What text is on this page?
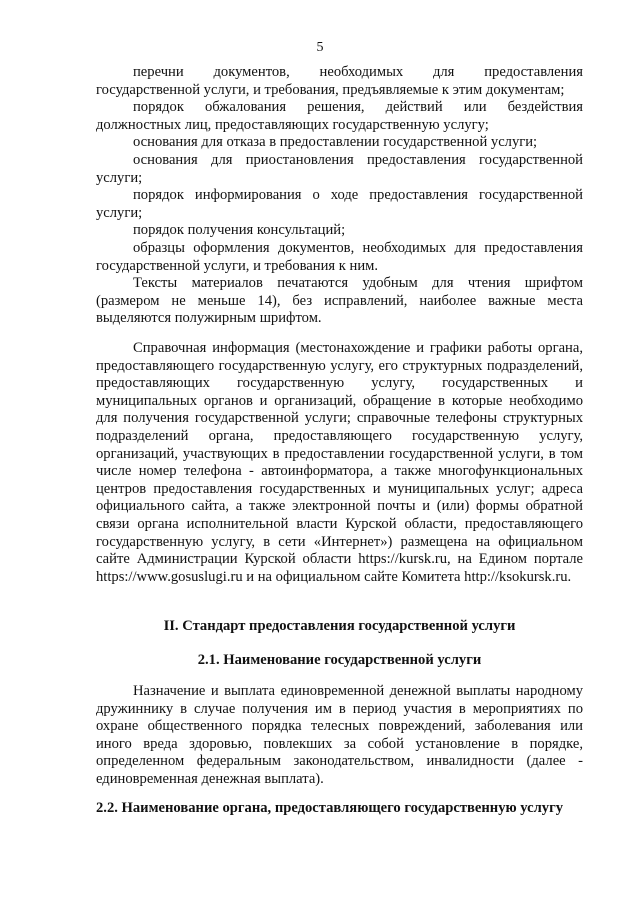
5

перечни документов, необходимых для предоставления государственной услуги, и требования, предъявляемые к этим документам;

порядок обжалования решения, действий или бездействия должностных лиц, предоставляющих государственную услугу;

основания для отказа в предоставлении государственной услуги;

основания для приостановления предоставления государственной услуги;

порядок информирования о ходе предоставления государственной услуги;

порядок получения консультаций;

образцы оформления документов, необходимых для предоставления государственной услуги, и требования к ним.

Тексты материалов печатаются удобным для чтения шрифтом (размером не меньше 14), без исправлений, наиболее важные места выделяются полужирным шрифтом.

Справочная информация (местонахождение и графики работы органа, предоставляющего государственную услугу, его структурных подразделений, предоставляющих государственную услугу, государственных и муниципальных органов и организаций, обращение в которые необходимо для получения государственной услуги; справочные телефоны структурных подразделений органа, предоставляющего государственную услугу, организаций, участвующих в предоставлении государственной услуги, в том числе номер телефона - автоинформатора, а также многофункциональных центров предоставления государственных и муниципальных услуг; адреса официального сайта, а также электронной почты и (или) формы обратной связи органа исполнительной власти Курской области, предоставляющего государственную услугу, в сети «Интернет») размещена на официальном сайте Администрации Курской области https://kursk.ru, на Едином портале https://www.gosuslugi.ru и на официальном сайте Комитета http://ksokursk.ru.

II. Стандарт предоставления государственной услуги
2.1. Наименование государственной услуги

Назначение и выплата единовременной денежной выплаты народному дружиннику в случае получения им в период участия в мероприятиях по охране общественного порядка телесных повреждений, заболевания или иного вреда здоровью, повлекших за собой установление в порядке, определенном федеральным законодательством, инвалидности (далее - единовременная денежная выплата).

2.2. Наименование органа, предоставляющего государственную услугу
